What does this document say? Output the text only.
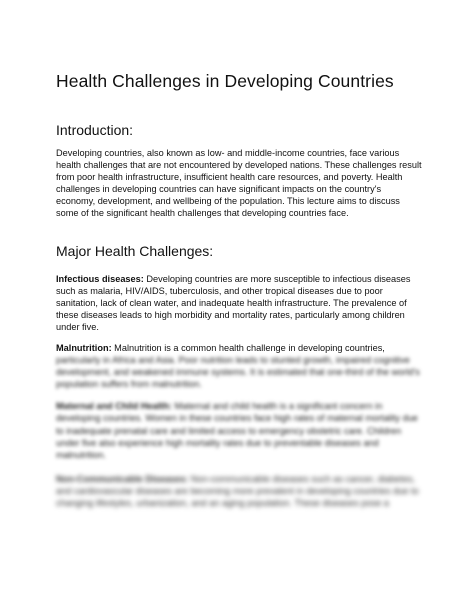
Health Challenges in Developing Countries
Introduction:

Developing countries, also known as low- and middle-income countries, face various health challenges that are not encountered by developed nations. These challenges result from poor health infrastructure, insufficient health care resources, and poverty. Health challenges in developing countries can have significant impacts on the country's economy, development, and wellbeing of the population. This lecture aims to discuss some of the significant health challenges that developing countries face.

Major Health Challenges:

Infectious diseases: Developing countries are more susceptible to infectious diseases such as malaria, HIV/AIDS, tuberculosis, and other tropical diseases due to poor sanitation, lack of clean water, and inadequate health infrastructure. The prevalence of these diseases leads to high morbidity and mortality rates, particularly among children under five.

Malnutrition: Malnutrition is a common health challenge in developing countries,

particularly in Africa and Asia. Poor nutrition leads to stunted growth, impaired cognitive development, and weakened immune systems. It is estimated that one-third of the world's population suffers from malnutrition.

Maternal and Child Health: Maternal and child health is a significant concern in developing countries. Women in these countries face high rates of maternal mortality due to inadequate prenatal care and limited access to emergency obstetric care. Children under five also experience high mortality rates due to preventable diseases and malnutrition.

Non-Communicable Diseases: Non-communicable diseases such as cancer, diabetes, and cardiovascular diseases are becoming more prevalent in developing countries due to changing lifestyles, urbanization, and an aging population. These diseases pose a
